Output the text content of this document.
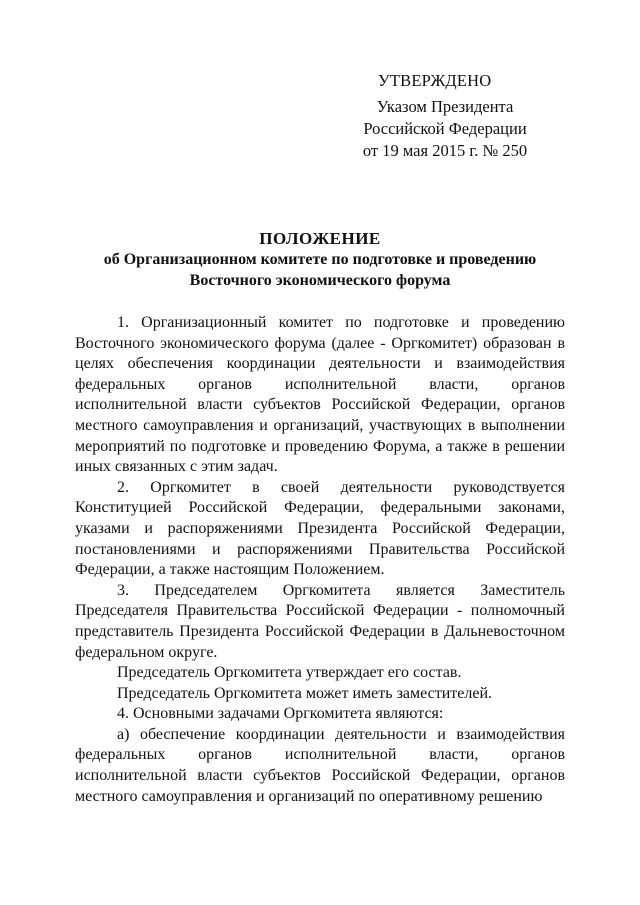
УТВЕРЖДЕНО
Указом Президента
Российской Федерации
от 19 мая 2015 г. № 250
ПОЛОЖЕНИЕ
об Организационном комитете по подготовке и проведению
Восточного экономического форума

1. Организационный комитет по подготовке и проведению Восточного экономического форума (далее - Оргкомитет) образован в целях обеспечения координации деятельности и взаимодействия федеральных органов исполнительной власти, органов исполнительной власти субъектов Российской Федерации, органов местного самоуправления и организаций, участвующих в выполнении мероприятий по подготовке и проведению Форума, а также в решении иных связанных с этим задач.

2. Оргкомитет в своей деятельности руководствуется Конституцией Российской Федерации, федеральными законами, указами и распоряжениями Президента Российской Федерации, постановлениями и распоряжениями Правительства Российской Федерации, а также настоящим Положением.

3. Председателем Оргкомитета является Заместитель Председателя Правительства Российской Федерации - полномочный представитель Президента Российской Федерации в Дальневосточном федеральном округе.

Председатель Оргкомитета утверждает его состав.

Председатель Оргкомитета может иметь заместителей.

4. Основными задачами Оргкомитета являются:

а) обеспечение координации деятельности и взаимодействия федеральных органов исполнительной власти, органов исполнительной власти субъектов Российской Федерации, органов местного самоуправления и организаций по оперативному решению
